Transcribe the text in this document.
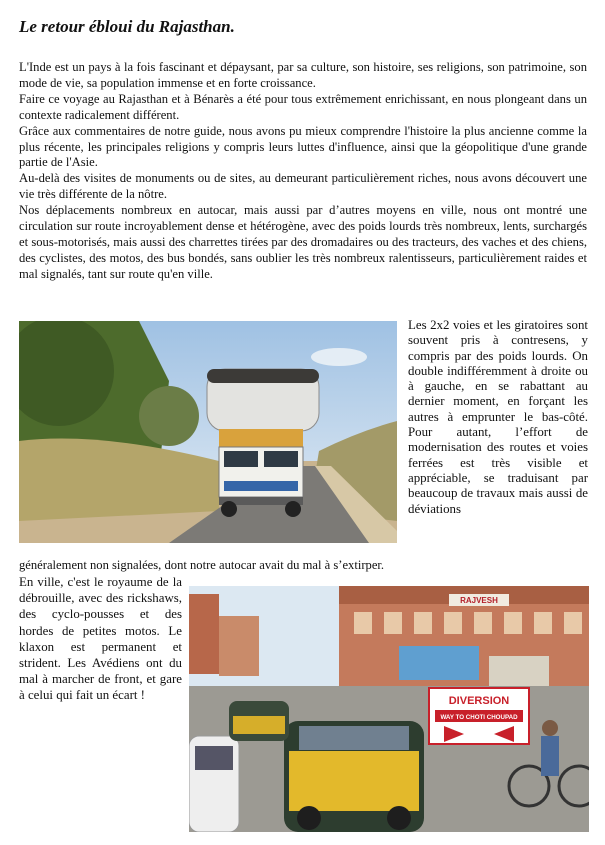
Le retour ébloui du Rajasthan.
L'Inde est un pays à la fois fascinant et dépaysant, par sa culture, son histoire, ses religions, son patrimoine, son mode de vie, sa population immense et en forte croissance.
Faire ce voyage au Rajasthan et à Bénarès a été pour tous extrêmement enrichissant, en nous plongeant dans un contexte radicalement différent.
Grâce aux commentaires de notre guide, nous avons pu mieux comprendre l'histoire la plus ancienne comme la plus récente, les principales religions y compris leurs luttes d'influence, ainsi que la géopolitique d'une grande partie de l'Asie.
Au-delà des visites de monuments ou de sites, au demeurant particulièrement riches, nous avons découvert une vie très différente de la nôtre.
Nos déplacements nombreux en autocar, mais aussi par d’autres moyens en ville, nous ont montré une circulation sur route incroyablement dense et hétérogène, avec des poids lourds très nombreux, lents, surchargés et sous-motorisés, mais aussi des charrettes tirées par des dromadaires ou des tracteurs, des vaches et des chiens, des cyclistes, des motos, des bus bondés, sans oublier les très nombreux ralentisseurs, particulièrement raides et mal signalés, tant sur route qu'en ville.

Les 2x2 voies et les giratoires sont souvent pris à contresens, y compris par des poids lourds. On double indifféremment à droite ou à gauche, en se rabattant au dernier moment, en forçant les autres à emprunter le bas-côté. Pour autant, l’effort de modernisation des routes et voies ferrées est très visible et appréciable, se traduisant par beaucoup de travaux mais aussi de déviations

généralement non signalées, dont notre autocar avait du mal à s’extirper.

En ville, c'est le royaume de la débrouille, avec des rickshaws, des cyclo-pousses et des hordes de petites motos. Le klaxon est permanent et strident. Les Avédiens ont du mal à marcher de front, et gare à celui qui fait un écart !

RAJVESH
DIVERSION
WAY TO CHOTI CHOUPAD
